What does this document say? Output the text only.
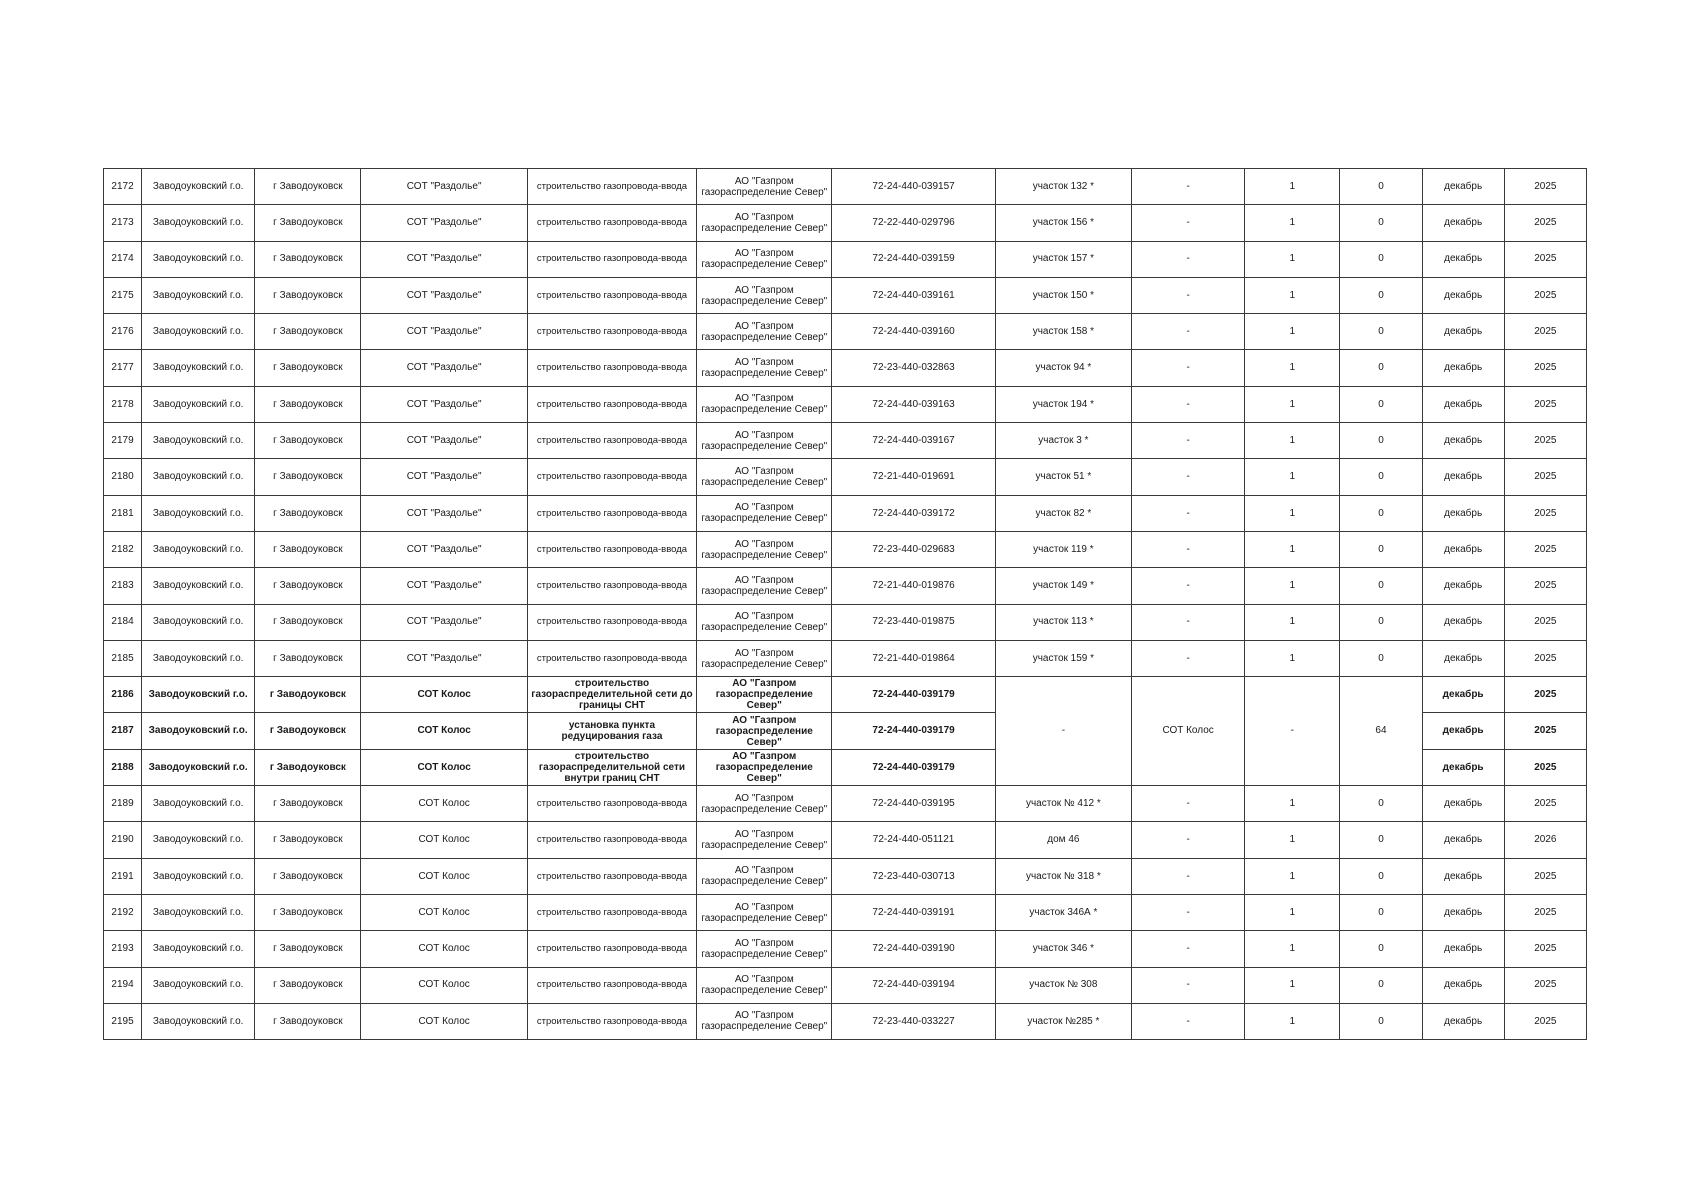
2172	Заводоуковский г.о.	г Заводоуковск	СОТ "Раздолье"	строительство газопровода-ввода	АО "Газпром газораспределение Север"	72-24-440-039157	участок 132 *	-	1	0	декабрь	2025
2173	Заводоуковский г.о.	г Заводоуковск	СОТ "Раздолье"	строительство газопровода-ввода	АО "Газпром газораспределение Север"	72-22-440-029796	участок 156 *	-	1	0	декабрь	2025
2174	Заводоуковский г.о.	г Заводоуковск	СОТ "Раздолье"	строительство газопровода-ввода	АО "Газпром газораспределение Север"	72-24-440-039159	участок 157 *	-	1	0	декабрь	2025
2175	Заводоуковский г.о.	г Заводоуковск	СОТ "Раздолье"	строительство газопровода-ввода	АО "Газпром газораспределение Север"	72-24-440-039161	участок 150 *	-	1	0	декабрь	2025
2176	Заводоуковский г.о.	г Заводоуковск	СОТ "Раздолье"	строительство газопровода-ввода	АО "Газпром газораспределение Север"	72-24-440-039160	участок 158 *	-	1	0	декабрь	2025
2177	Заводоуковский г.о.	г Заводоуковск	СОТ "Раздолье"	строительство газопровода-ввода	АО "Газпром газораспределение Север"	72-23-440-032863	участок 94 *	-	1	0	декабрь	2025
2178	Заводоуковский г.о.	г Заводоуковск	СОТ "Раздолье"	строительство газопровода-ввода	АО "Газпром газораспределение Север"	72-24-440-039163	участок 194 *	-	1	0	декабрь	2025
2179	Заводоуковский г.о.	г Заводоуковск	СОТ "Раздолье"	строительство газопровода-ввода	АО "Газпром газораспределение Север"	72-24-440-039167	участок 3 *	-	1	0	декабрь	2025
2180	Заводоуковский г.о.	г Заводоуковск	СОТ "Раздолье"	строительство газопровода-ввода	АО "Газпром газораспределение Север"	72-21-440-019691	участок 51 *	-	1	0	декабрь	2025
2181	Заводоуковский г.о.	г Заводоуковск	СОТ "Раздолье"	строительство газопровода-ввода	АО "Газпром газораспределение Север"	72-24-440-039172	участок 82 *	-	1	0	декабрь	2025
2182	Заводоуковский г.о.	г Заводоуковск	СОТ "Раздолье"	строительство газопровода-ввода	АО "Газпром газораспределение Север"	72-23-440-029683	участок 119 *	-	1	0	декабрь	2025
2183	Заводоуковский г.о.	г Заводоуковск	СОТ "Раздолье"	строительство газопровода-ввода	АО "Газпром газораспределение Север"	72-21-440-019876	участок 149 *	-	1	0	декабрь	2025
2184	Заводоуковский г.о.	г Заводоуковск	СОТ "Раздолье"	строительство газопровода-ввода	АО "Газпром газораспределение Север"	72-23-440-019875	участок 113 *	-	1	0	декабрь	2025
2185	Заводоуковский г.о.	г Заводоуковск	СОТ "Раздолье"	строительство газопровода-ввода	АО "Газпром газораспределение Север"	72-21-440-019864	участок 159 *	-	1	0	декабрь	2025
2186	Заводоуковский г.о.	г Заводоуковск	СОТ Колос	строительство газораспределительной сети до границы СНТ	АО "Газпром газораспределение Север"	72-24-440-039179	-	СОТ Колос	-	64	декабрь	2025
2187	Заводоуковский г.о.	г Заводоуковск	СОТ Колос	установка пункта редуцирования газа	АО "Газпром газораспределение Север"	72-24-440-039179					декабрь	2025
2188	Заводоуковский г.о.	г Заводоуковск	СОТ Колос	строительство газораспределительной сети внутри границ СНТ	АО "Газпром газораспределение Север"	72-24-440-039179					декабрь	2025
2189	Заводоуковский г.о.	г Заводоуковск	СОТ Колос	строительство газопровода-ввода	АО "Газпром газораспределение Север"	72-24-440-039195	участок № 412 *	-	1	0	декабрь	2025
2190	Заводоуковский г.о.	г Заводоуковск	СОТ Колос	строительство газопровода-ввода	АО "Газпром газораспределение Север"	72-24-440-051121	дом 46	-	1	0	декабрь	2026
2191	Заводоуковский г.о.	г Заводоуковск	СОТ Колос	строительство газопровода-ввода	АО "Газпром газораспределение Север"	72-23-440-030713	участок № 318 *	-	1	0	декабрь	2025
2192	Заводоуковский г.о.	г Заводоуковск	СОТ Колос	строительство газопровода-ввода	АО "Газпром газораспределение Север"	72-24-440-039191	участок 346А *	-	1	0	декабрь	2025
2193	Заводоуковский г.о.	г Заводоуковск	СОТ Колос	строительство газопровода-ввода	АО "Газпром газораспределение Север"	72-24-440-039190	участок 346 *	-	1	0	декабрь	2025
2194	Заводоуковский г.о.	г Заводоуковск	СОТ Колос	строительство газопровода-ввода	АО "Газпром газораспределение Север"	72-24-440-039194	участок № 308	-	1	0	декабрь	2025
2195	Заводоуковский г.о.	г Заводоуковск	СОТ Колос	строительство газопровода-ввода	АО "Газпром газораспределение Север"	72-23-440-033227	участок №285 *	-	1	0	декабрь	2025
